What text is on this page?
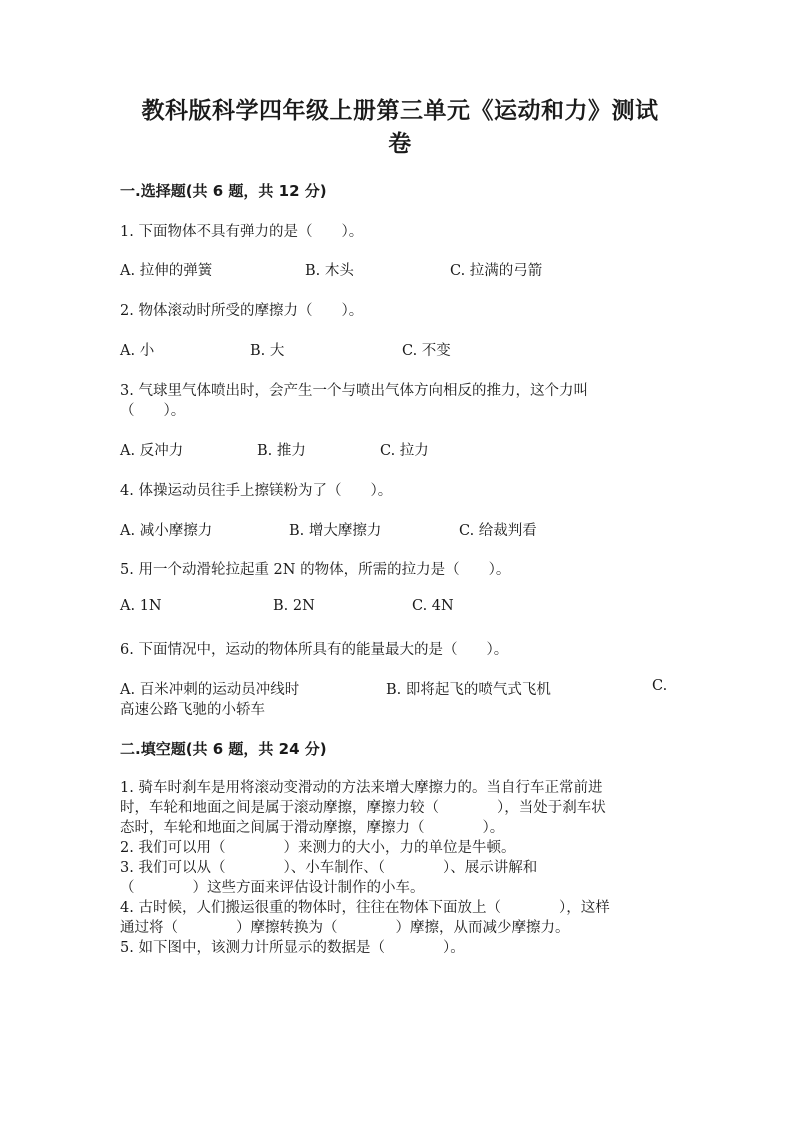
教科版科学四年级上册第三单元《运动和力》测试
卷
一.选择题(共 6 题，共 12 分)
1. 下面物体不具有弹力的是（　　）。
A. 拉伸的弹簧	B. 木头	C. 拉满的弓箭
2. 物体滚动时所受的摩擦力（　　）。
A. 小	B. 大	C. 不变
3. 气球里气体喷出时，会产生一个与喷出气体方向相反的推力，这个力叫
（　　）。
A. 反冲力	B. 推力	C. 拉力
4. 体操运动员往手上擦镁粉为了（　　）。
A. 减小摩擦力	B. 增大摩擦力	C. 给裁判看
5. 用一个动滑轮拉起重 2N 的物体，所需的拉力是（　　）。
A. 1N	B. 2N	C. 4N
6. 下面情况中，运动的物体所具有的能量最大的是（　　）。
A. 百米冲刺的运动员冲线时	B. 即将起飞的喷气式飞机	C.
高速公路飞驰的小轿车
二.填空题(共 6 题，共 24 分)
1. 骑车时刹车是用将滚动变滑动的方法来增大摩擦力的。当自行车正常前进
时，车轮和地面之间是属于滚动摩擦，摩擦力较（　　　　），当处于刹车状
态时，车轮和地面之间属于滑动摩擦，摩擦力（　　　　）。
2. 我们可以用（　　　　）来测力的大小，力的单位是牛顿。
3. 我们可以从（　　　　）、小车制作、（　　　　）、展示讲解和
（　　　　）这些方面来评估设计制作的小车。
4. 古时候，人们搬运很重的物体时，往往在物体下面放上（　　　　），这样
通过将（　　　　）摩擦转换为（　　　　）摩擦，从而减少摩擦力。
5. 如下图中，该测力计所显示的数据是（　　　　）。
